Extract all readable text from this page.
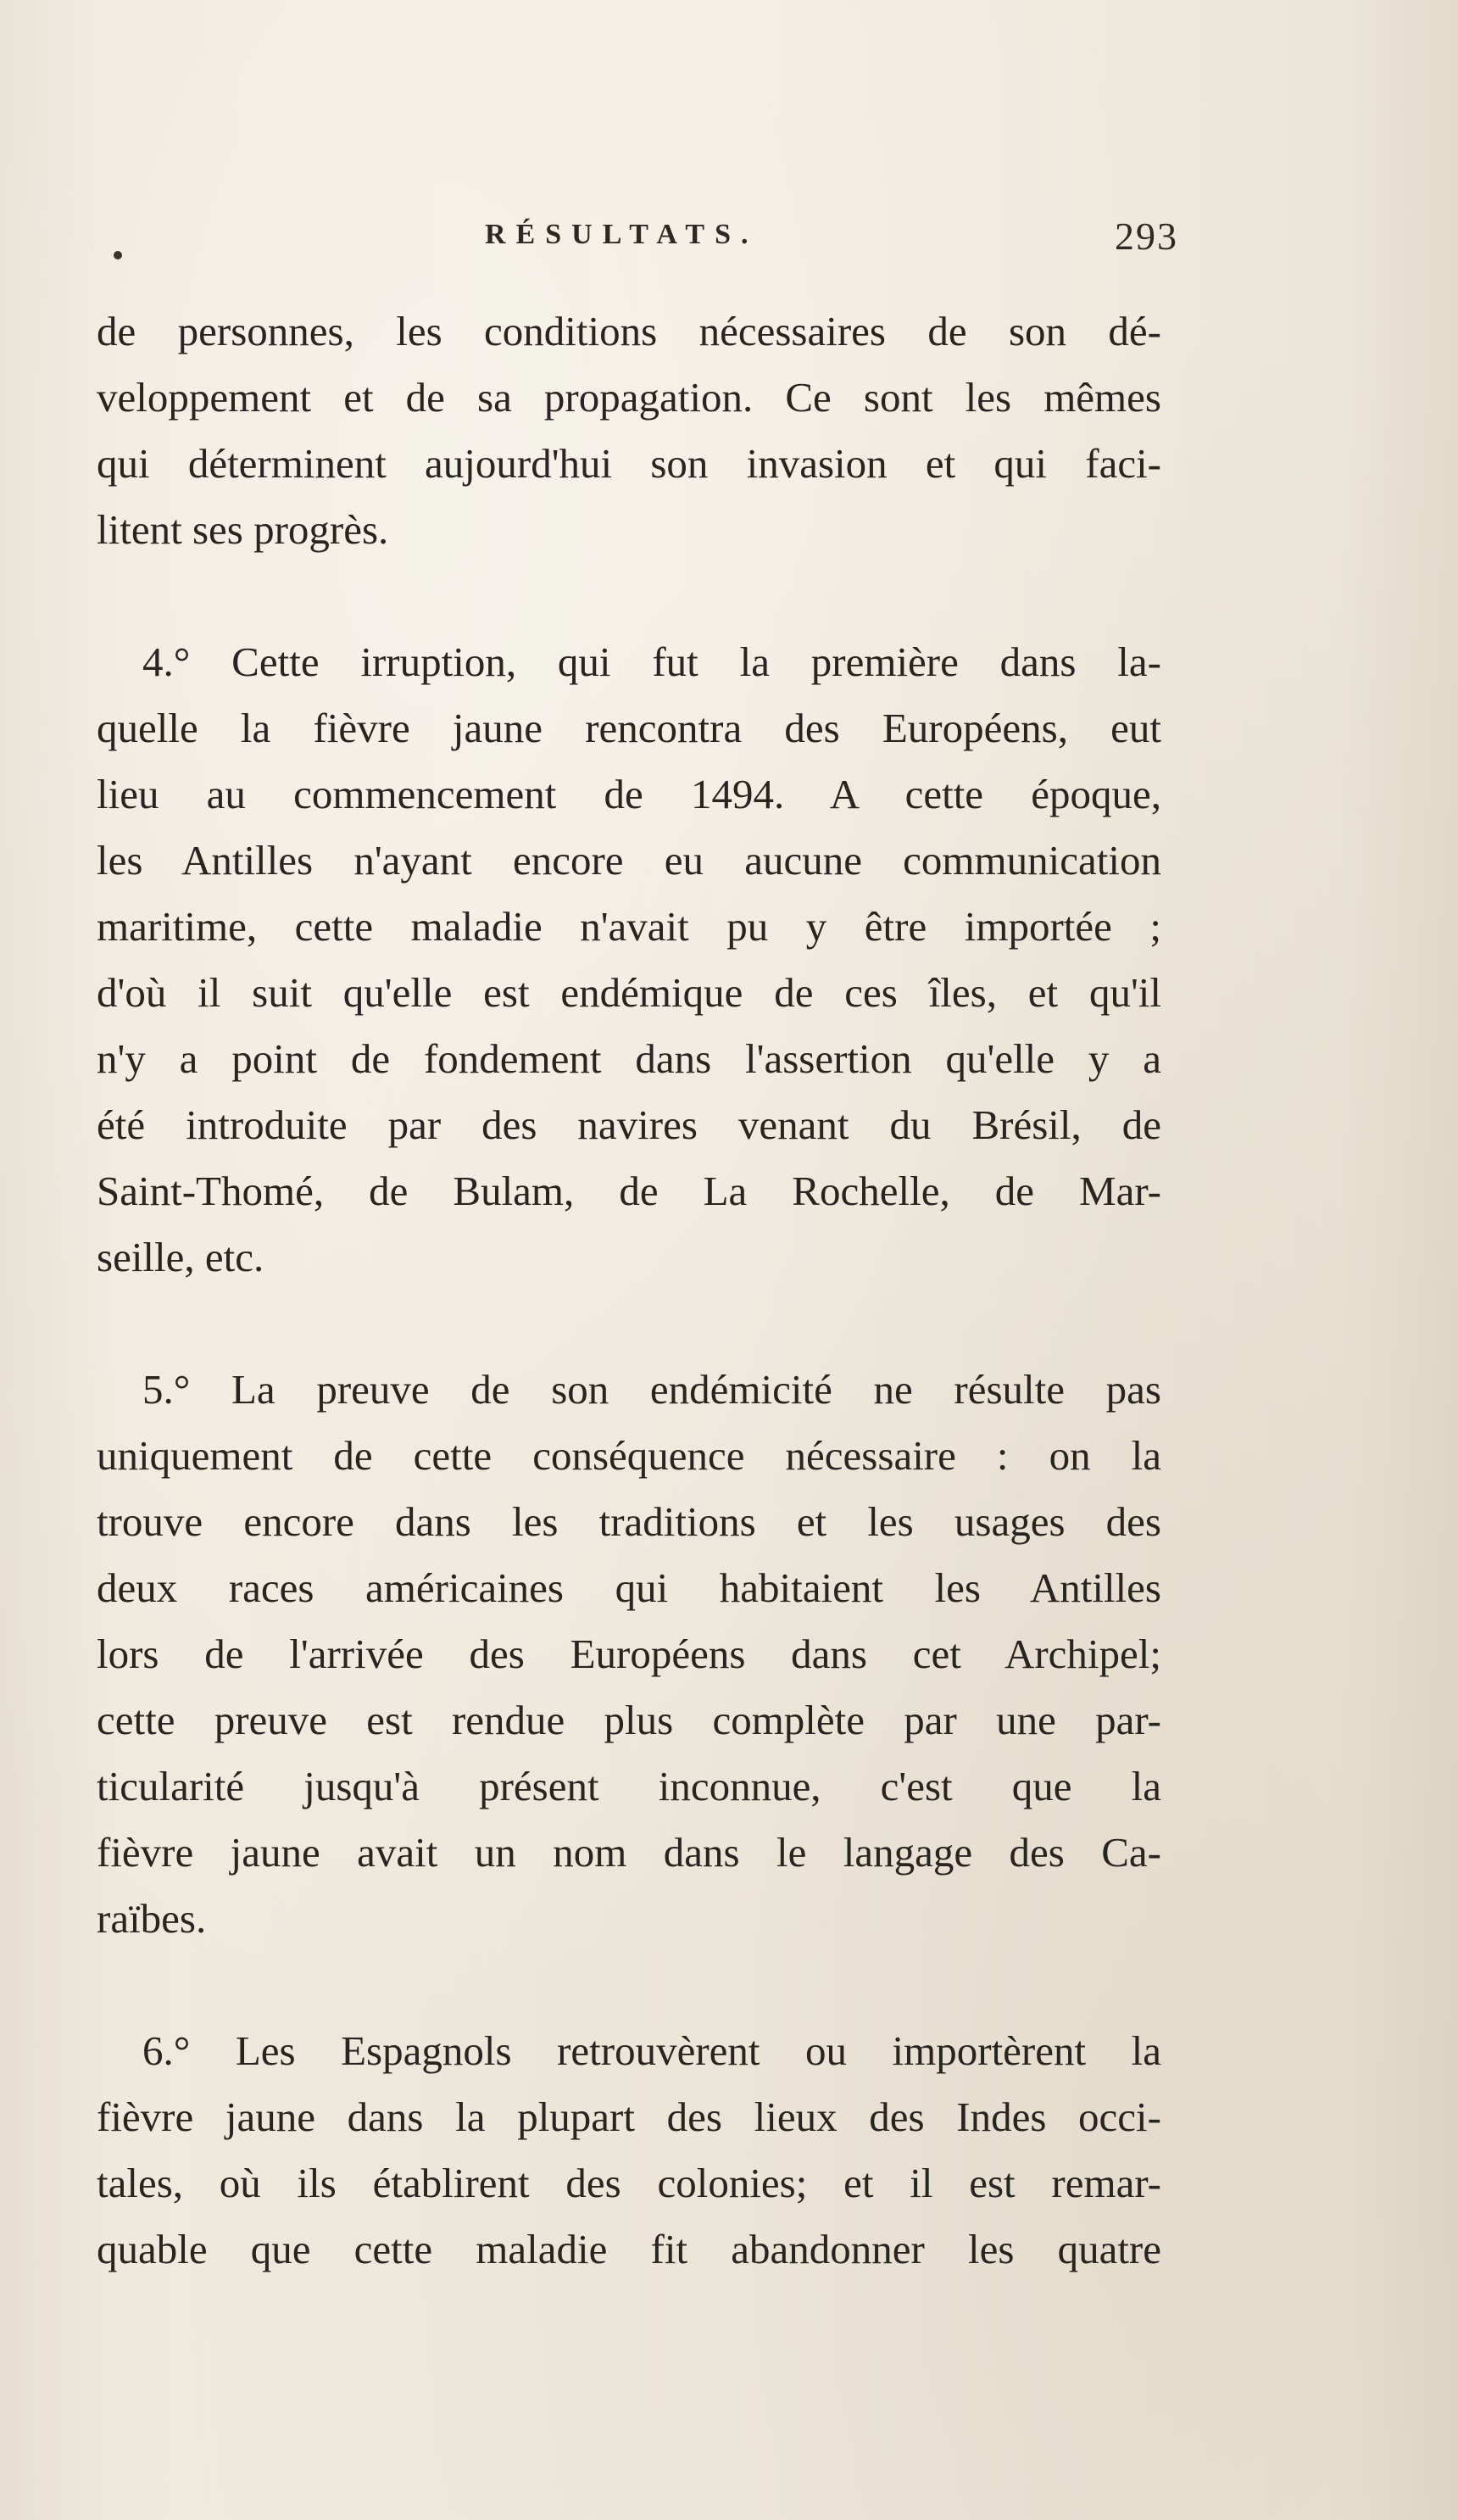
RÉSULTATS.	293

de personnes, les conditions nécessaires de son dé-
veloppement et de sa propagation. Ce sont les mêmes
qui déterminent aujourd'hui son invasion et qui faci-
litent ses progrès.

4.° Cette irruption, qui fut la première dans la-
quelle la fièvre jaune rencontra des Européens, eut
lieu au commencement de 1494. A cette époque,
les Antilles n'ayant encore eu aucune communication
maritime, cette maladie n'avait pu y être importée ;
d'où il suit qu'elle est endémique de ces îles, et qu'il
n'y a point de fondement dans l'assertion qu'elle y a
été introduite par des navires venant du Brésil, de
Saint-Thomé, de Bulam, de La Rochelle, de Mar-
seille, etc.

5.° La preuve de son endémicité ne résulte pas
uniquement de cette conséquence nécessaire : on la
trouve encore dans les traditions et les usages des
deux races américaines qui habitaient les Antilles
lors de l'arrivée des Européens dans cet Archipel;
cette preuve est rendue plus complète par une par-
ticularité jusqu'à présent inconnue, c'est que la
fièvre jaune avait un nom dans le langage des Ca-
raïbes.

6.° Les Espagnols retrouvèrent ou importèrent la
fièvre jaune dans la plupart des lieux des Indes occi-
tales, où ils établirent des colonies; et il est remar-
quable que cette maladie fit abandonner les quatre
